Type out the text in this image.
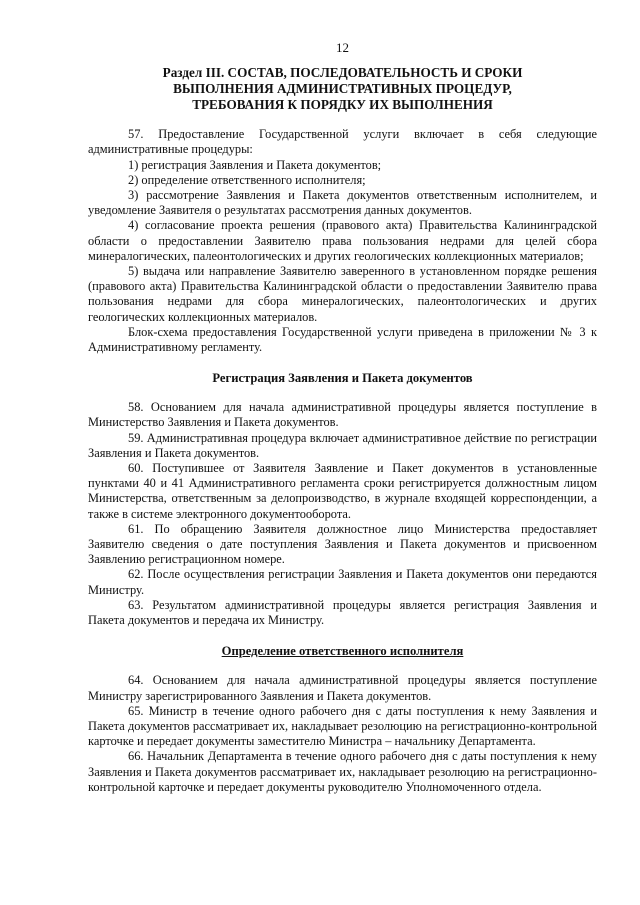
12
Раздел III. СОСТАВ, ПОСЛЕДОВАТЕЛЬНОСТЬ И СРОКИ
ВЫПОЛНЕНИЯ АДМИНИСТРАТИВНЫХ ПРОЦЕДУР,
ТРЕБОВАНИЯ К ПОРЯДКУ ИХ ВЫПОЛНЕНИЯ

57. Предоставление Государственной услуги включает в себя следующие административные процедуры:

1) регистрация Заявления и Пакета документов;

2) определение ответственного исполнителя;

3) рассмотрение Заявления и Пакета документов ответственным исполнителем, и уведомление Заявителя о результатах рассмотрения данных документов.

4) согласование проекта решения (правового акта) Правительства Калининградской области о предоставлении Заявителю права пользования недрами для целей сбора минералогических, палеонтологических и других геологических коллекционных материалов;

5) выдача или направление Заявителю заверенного в установленном порядке решения (правового акта) Правительства Калининградской области о предоставлении Заявителю права пользования недрами для сбора минералогических, палеонтологических и других геологических коллекционных материалов.

Блок-схема предоставления Государственной услуги приведена в приложении № 3 к Административному регламенту.

Регистрация Заявления и Пакета документов

58. Основанием для начала административной процедуры является поступление в Министерство Заявления и Пакета документов.

59. Административная процедура включает административное действие по регистрации Заявления и Пакета документов.

60. Поступившее от Заявителя Заявление и Пакет документов в установленные пунктами 40 и 41 Административного регламента сроки регистрируется должностным лицом Министерства, ответственным за делопроизводство, в журнале входящей корреспонденции, а также в системе электронного документооборота.

61. По обращению Заявителя должностное лицо Министерства предоставляет Заявителю сведения о дате поступления Заявления и Пакета документов и присвоенном Заявлению регистрационном номере.

62. После осуществления регистрации Заявления и Пакета документов они передаются Министру.

63. Результатом административной процедуры является регистрация Заявления и Пакета документов и передача их Министру.

Определение ответственного исполнителя

64. Основанием для начала административной процедуры является поступление Министру зарегистрированного Заявления и Пакета документов.

65. Министр в течение одного рабочего дня с даты поступления к нему Заявления и Пакета документов рассматривает их, накладывает резолюцию на регистрационно-контрольной карточке и передает документы заместителю Министра – начальнику Департамента.

66. Начальник Департамента в течение одного рабочего дня с даты поступления к нему Заявления и Пакета документов рассматривает их, накладывает резолюцию на регистрационно-контрольной карточке и передает документы руководителю Уполномоченного отдела.
